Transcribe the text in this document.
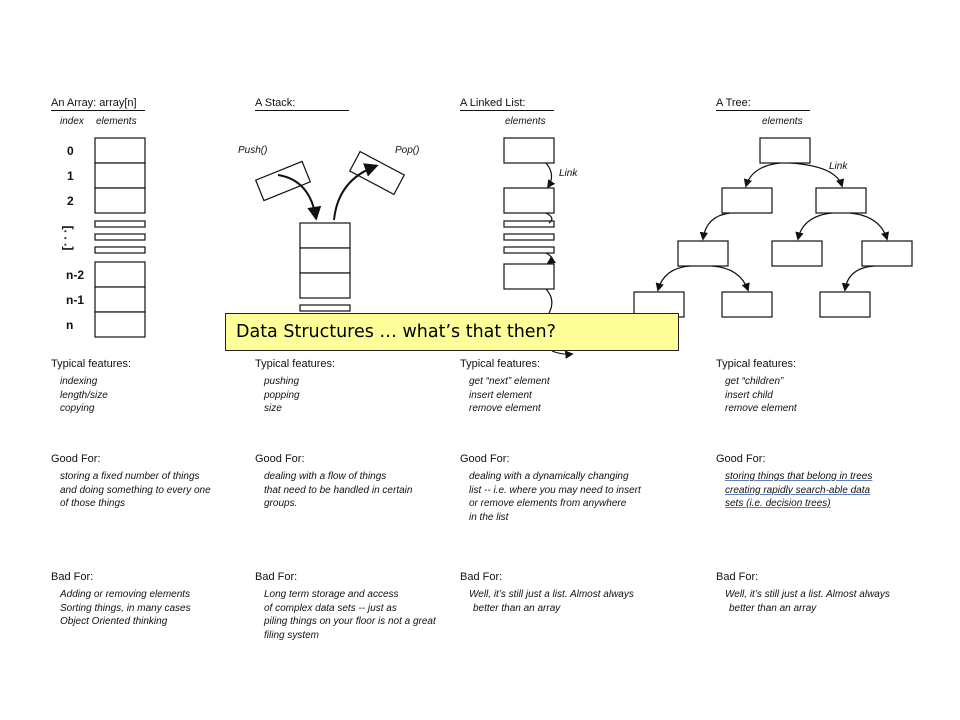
An Array: array[n]
index elements
0
1
2
[. . .]
n-2
n-1
n
Typical features:
indexing
length/size
copying
Good For:
storing a fixed number of things
and doing something to every one
of those things
Bad For:
Adding or removing elements
Sorting things, in many cases
Object Oriented thinking
A Stack:
Push()	Pop()
Typical features:
pushing
popping
size
Good For:
dealing with a flow of things
that need to be handled in certain
groups.
Bad For:
Long term storage and access
of complex data sets -- just as
piling things on your floor is not a great
filing system
A Linked List:
elements
Link
Typical features:
get “next” element
insert element
remove element
Good For:
dealing with a dynamically changing
list -- i.e. where you may need to insert
or remove elements from anywhere
in the list
Bad For:
Well, it’s still just a list. Almost always
better than an array
A Tree:
elements
Link
Typical features:
get “children”
insert child
remove element
Good For:
storing things that belong in trees
creating rapidly search-able data
sets (i.e. decision trees)
Bad For:
Well, it’s still just a list. Almost always
better than an array
Data Structures … what’s that then?
